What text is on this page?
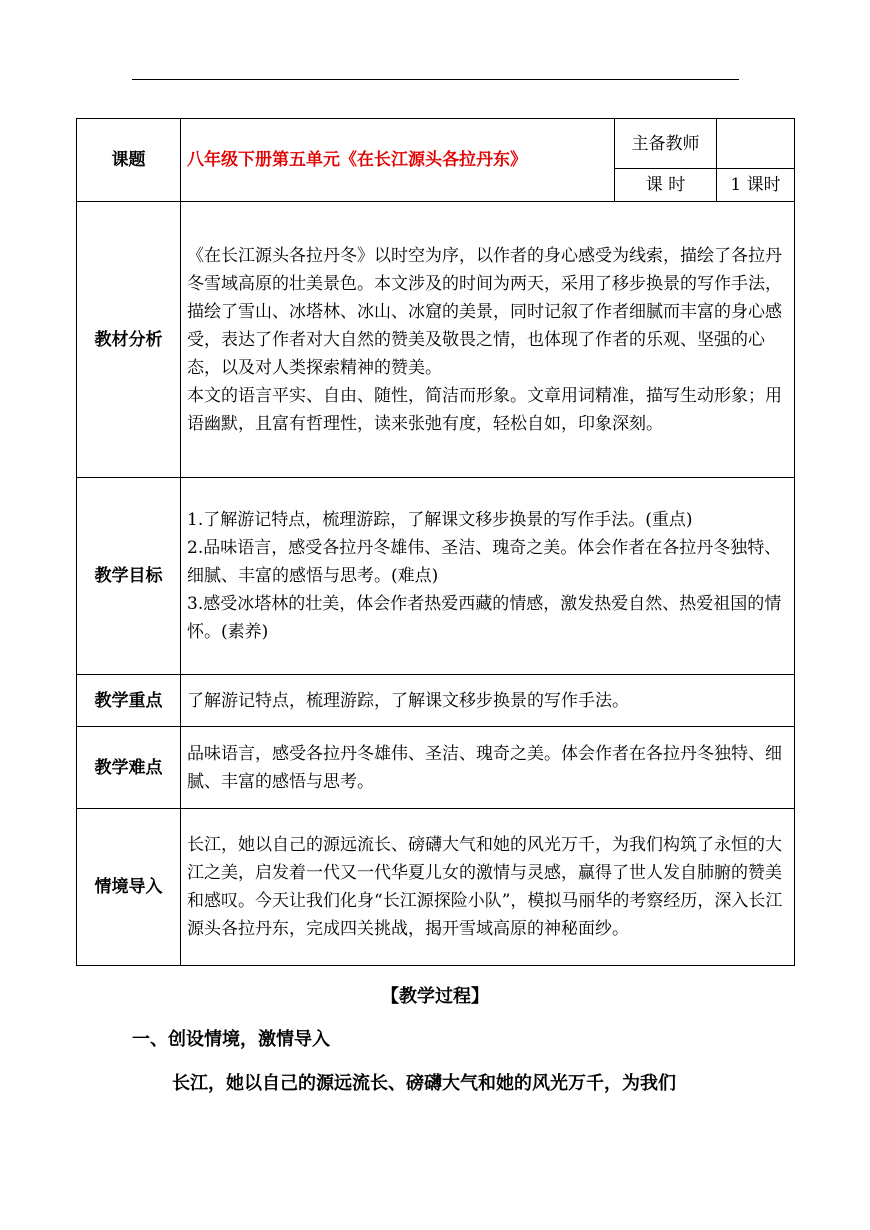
课题	八年级下册第五单元《在长江源头各拉丹东》	主备教师	
		课 时	1 课时
教材分析	《在长江源头各拉丹冬》以时空为序，以作者的身心感受为线索，描绘了各拉丹冬雪域高原的壮美景色。本文涉及的时间为两天，采用了移步换景的写作手法，描绘了雪山、冰塔林、冰山、冰窟的美景，同时记叙了作者细腻而丰富的身心感受，表达了作者对大自然的赞美及敬畏之情，也体现了作者的乐观、坚强的心态，以及对人类探索精神的赞美。

本文的语言平实、自由、随性，简洁而形象。文章用词精准，描写生动形象；用语幽默，且富有哲理性，读来张弛有度，轻松自如，印象深刻。		

教学目标	1.了解游记特点，梳理游踪，了解课文移步换景的写作手法。(重点)

2.品味语言，感受各拉丹冬雄伟、圣洁、瑰奇之美。体会作者在各拉丹冬独特、细腻、丰富的感悟与思考。(难点)

3.感受冰塔林的壮美，体会作者热爱西藏的情感，激发热爱自然、热爱祖国的情怀。(素养)		

教学重点	了解游记特点，梳理游踪，了解课文移步换景的写作手法。		
教学难点	品味语言，感受各拉丹冬雄伟、圣洁、瑰奇之美。体会作者在各拉丹冬独特、细腻、丰富的感悟与思考。		
情境导入	长江，她以自己的源远流长、磅礴大气和她的风光万千，为我们构筑了永恒的大江之美，启发着一代又一代华夏儿女的激情与灵感，赢得了世人发自肺腑的赞美和感叹。今天让我们化身“长江源探险小队”，模拟马丽华的考察经历，深入长江源头各拉丹东，完成四关挑战，揭开雪域高原的神秘面纱。		
【教学过程】
一、创设情境，激情导入
长江，她以自己的源远流长、磅礴大气和她的风光万千，为我们
